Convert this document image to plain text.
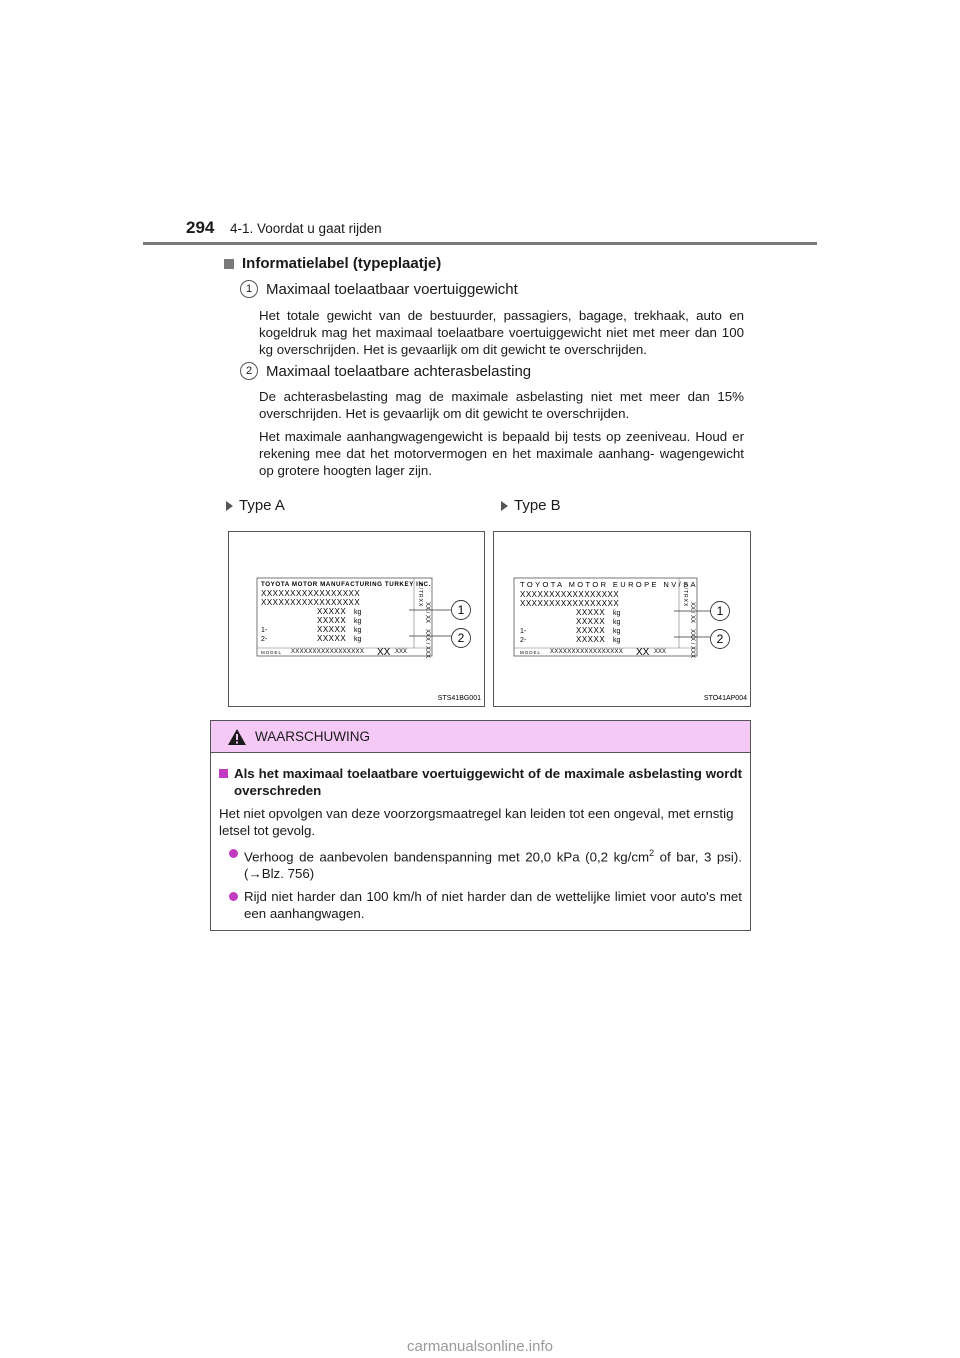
294 4-1. Voordat u gaat rijden
Informatielabel (typeplaatje)
1 Maximaal toelaatbaar voertuiggewicht
Het totale gewicht van de bestuurder, passagiers, bagage, trekhaak, auto en kogeldruk mag het maximaal toelaatbare voertuiggewicht niet met meer dan 100 kg overschrijden. Het is gevaarlijk om dit gewicht te overschrijden.
2 Maximaal toelaatbare achterasbelasting
De achterasbelasting mag de maximale asbelasting niet met meer dan 15% overschrijden. Het is gevaarlijk om dit gewicht te overschrijden.
Het maximale aanhangwagengewicht is bepaald bij tests op zeeniveau. Houd er rekening mee dat het motorvermogen en het maximale aanhang- wagengewicht op grotere hoogten lager zijn.
Type A	Type B
TOYOTA MOTOR MANUFACTURING TURKEY INC.
XXXXXXXXXXXXXXXXX
XXXXXXXXXXXXXXXXX
XXXXX kg
XXXXX kg
1-	XXXXX kg
2-	XXXXX kg
MODEL XXXXXXXXXXXXXXXXX XX XXX
C/TRXX
XX / XX
XXX / XXX
1
2
STS41BG001
TOYOTA MOTOR EUROPE NV/SA
XXXXXXXXXXXXXXXXX
XXXXXXXXXXXXXXXXX
XXXXX kg
XXXXX kg
1-	XXXXX kg
2-	XXXXX kg
MODEL XXXXXXXXXXXXXXXXX XX XXX
C/TRXX
XX / XX
XXX / XXX
1
2
STO41AP004
WAARSCHUWING
Als het maximaal toelaatbare voertuiggewicht of de maximale asbelasting wordt overschreden
Het niet opvolgen van deze voorzorgsmaatregel kan leiden tot een ongeval, met ernstig letsel tot gevolg.
Verhoog de aanbevolen bandenspanning met 20,0 kPa (0,2 $kg/cm^2$ of bar, 3 psi). (→Blz. 756)
Rijd niet harder dan 100 km/h of niet harder dan de wettelijke limiet voor auto's met een aanhangwagen.
carmanualsonline.info
